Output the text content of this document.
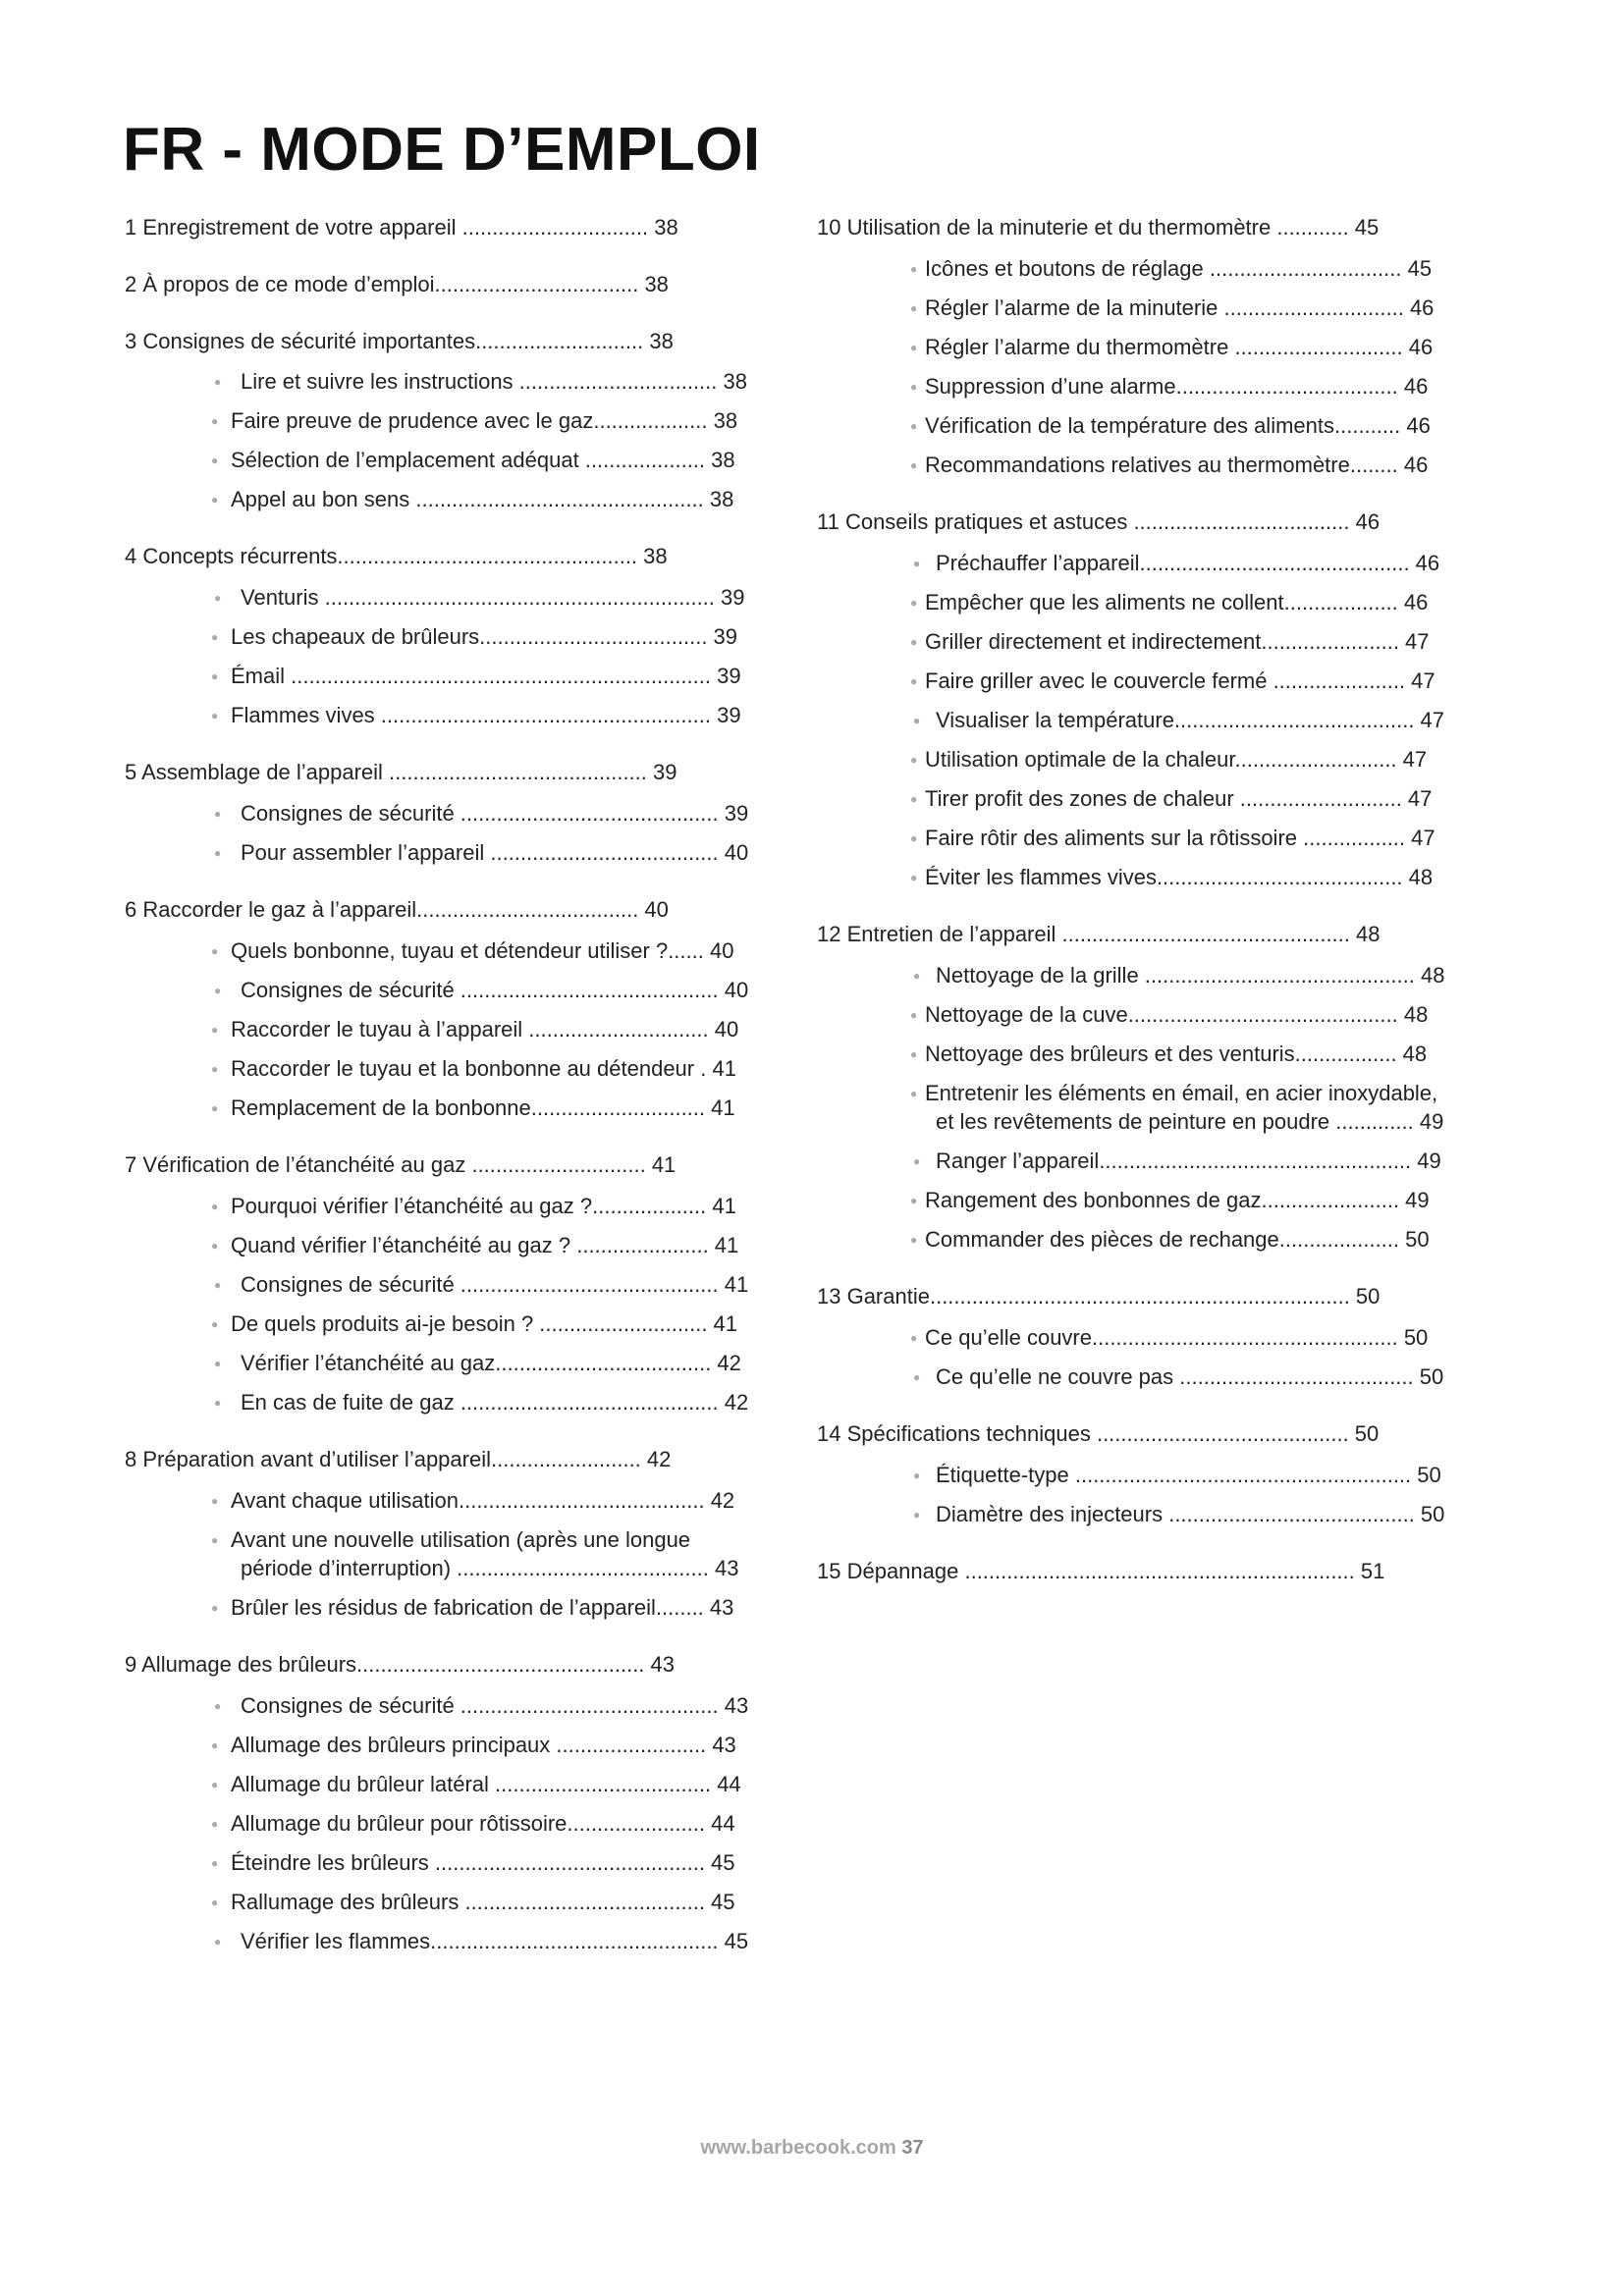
FR - MODE D’EMPLOI
1 Enregistrement de votre appareil ............................... 38
2 À propos de ce mode d’emploi.................................. 38
3 Consignes de sécurité importantes............................ 38
● Lire et suivre les instructions ................................. 38
● Faire preuve de prudence avec le gaz................... 38
● Sélection de l’emplacement adéquat .................... 38
● Appel au bon sens ................................................ 38
4 Concepts récurrents.................................................. 38
● Venturis ................................................................. 39
● Les chapeaux de brûleurs...................................... 39
● Émail ...................................................................... 39
● Flammes vives ....................................................... 39
5 Assemblage de l’appareil ........................................... 39
● Consignes de sécurité ........................................... 39
● Pour assembler l’appareil ...................................... 40
6 Raccorder le gaz à l’appareil..................................... 40
● Quels bonbonne, tuyau et détendeur utiliser ?...... 40
● Consignes de sécurité ........................................... 40
● Raccorder le tuyau à l’appareil .............................. 40
● Raccorder le tuyau et la bonbonne au détendeur . 41
● Remplacement de la bonbonne............................. 41
7 Vérification de l’étanchéité au gaz ............................. 41
● Pourquoi vérifier l’étanchéité au gaz ?................... 41
● Quand vérifier l’étanchéité au gaz ? ...................... 41
● Consignes de sécurité ........................................... 41
● De quels produits ai-je besoin ? ............................ 41
● Vérifier l’étanchéité au gaz.................................... 42
● En cas de fuite de gaz ........................................... 42
8 Préparation avant d’utiliser l’appareil......................... 42
● Avant chaque utilisation......................................... 42
● Avant une nouvelle utilisation (après une longue
période d’interruption) .......................................... 43
● Brûler les résidus de fabrication de l’appareil........ 43
9 Allumage des brûleurs................................................ 43
● Consignes de sécurité ........................................... 43
● Allumage des brûleurs principaux ......................... 43
● Allumage du brûleur latéral .................................... 44
● Allumage du brûleur pour rôtissoire....................... 44
● Éteindre les brûleurs ............................................. 45
● Rallumage des brûleurs ........................................ 45
● Vérifier les flammes................................................ 45
10 Utilisation de la minuterie et du thermomètre ............ 45
● Icônes et boutons de réglage ................................ 45
● Régler l’alarme de la minuterie .............................. 46
● Régler l’alarme du thermomètre ............................ 46
● Suppression d’une alarme..................................... 46
● Vérification de la température des aliments........... 46
● Recommandations relatives au thermomètre........ 46
11 Conseils pratiques et astuces .................................... 46
● Préchauffer l’appareil............................................. 46
● Empêcher que les aliments ne collent................... 46
● Griller directement et indirectement....................... 47
● Faire griller avec le couvercle fermé ...................... 47
● Visualiser la température........................................ 47
● Utilisation optimale de la chaleur........................... 47
● Tirer profit des zones de chaleur ........................... 47
● Faire rôtir des aliments sur la rôtissoire ................. 47
● Éviter les flammes vives......................................... 48
12 Entretien de l’appareil ................................................ 48
● Nettoyage de la grille ............................................. 48
● Nettoyage de la cuve............................................. 48
● Nettoyage des brûleurs et des venturis................. 48
● Entretenir les éléments en émail, en acier inoxydable,
et les revêtements de peinture en poudre ............. 49
● Ranger l’appareil.................................................... 49
● Rangement des bonbonnes de gaz....................... 49
● Commander des pièces de rechange.................... 50
13 Garantie...................................................................... 50
● Ce qu’elle couvre................................................... 50
● Ce qu’elle ne couvre pas ....................................... 50
14 Spécifications techniques .......................................... 50
● Étiquette-type ........................................................ 50
● Diamètre des injecteurs ......................................... 50
15 Dépannage ................................................................. 51
www.barbecook.com 37
